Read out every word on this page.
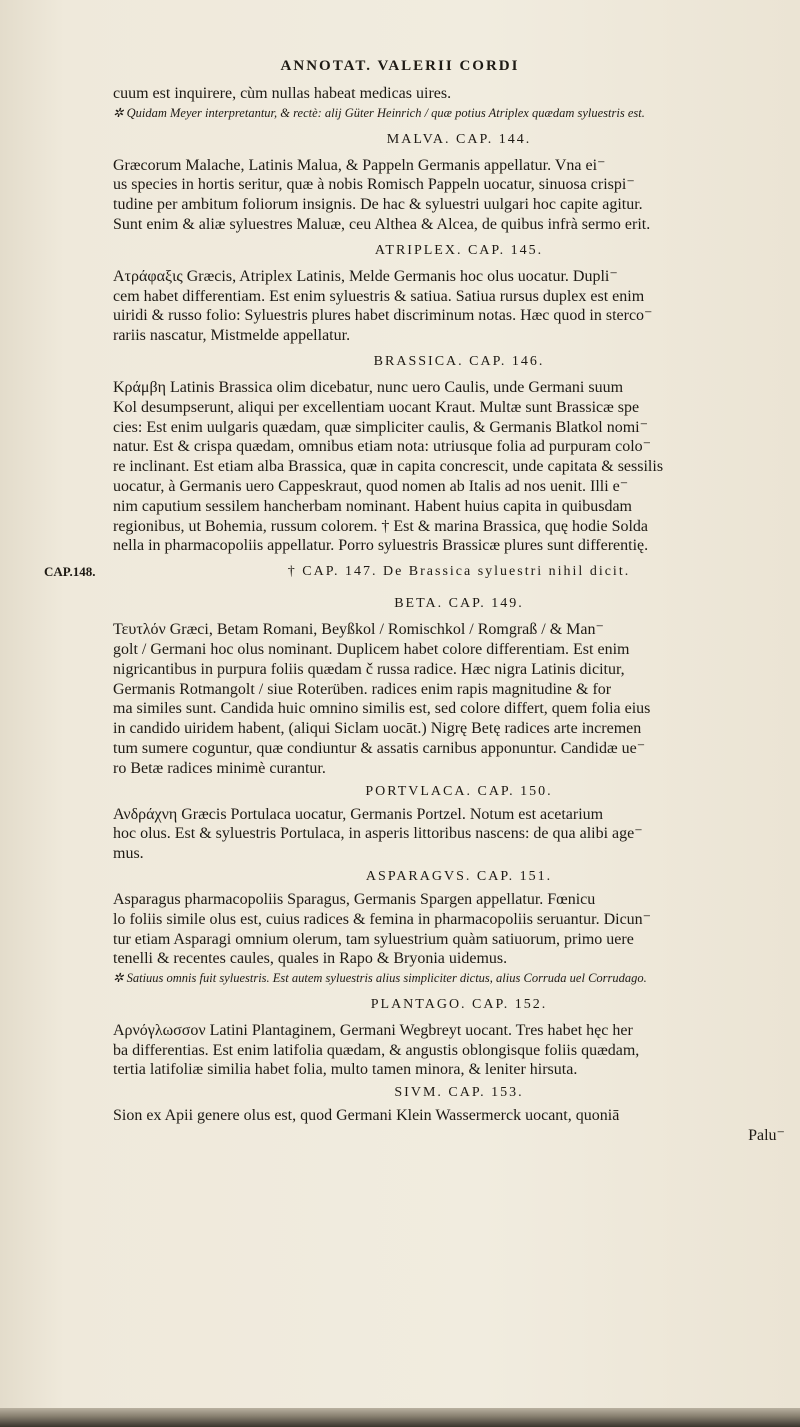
ANNOTAT. VALERII CORDI
CAP.148.
cuum est inquirere, cùm nullas habeat medicas uires.
✲ Quidam Meyer interpretantur, & rectè: alij Güter Heinrich / quæ potius Atriplex quædam syluestris est.
MALVA. CAP. 144.
Græcorum Malache, Latinis Malua, & Pappeln Germanis appellatur. Vna ei⁻
us species in hortis seritur, quæ à nobis Romisch Pappeln uocatur, sinuosa crispi⁻
tudine per ambitum foliorum insignis. De hac & syluestri uulgari hoc capite agitur.
Sunt enim & aliæ syluestres Maluæ, ceu Althea & Alcea, de quibus infrà sermo erit.
ATRIPLEX. CAP. 145.
Ατράφαξις Græcis, Atriplex Latinis, Melde Germanis hoc olus uocatur. Dupli⁻
cem habet differentiam. Est enim syluestris & satiua. Satiua rursus duplex est enim
uiridi & russo folio: Syluestris plures habet discriminum notas. Hæc quod in sterco⁻
rariis nascatur, Mistmelde appellatur.
BRASSICA. CAP. 146.
Κράμβη Latinis Brassica olim dicebatur, nunc uero Caulis, unde Germani suum
Kol desumpserunt, aliqui per excellentiam uocant Kraut. Multæ sunt Brassicæ spe
cies: Est enim uulgaris quædam, quæ simpliciter caulis, & Germanis Blatkol nomi⁻
natur. Est & crispa quædam, omnibus etiam nota: utriusque folia ad purpuram colo⁻
re inclinant. Est etiam alba Brassica, quæ in capita concrescit, unde capitata & sessilis
uocatur, à Germanis uero Cappeskraut, quod nomen ab Italis ad nos uenit. Illi e⁻
nim caputium sessilem hancherbam nominant. Habent huius capita in quibusdam
regionibus, ut Bohemia, russum colorem. † Est & marina Brassica, quę hodie Solda
nella in pharmacopoliis appellatur. Porro syluestris Brassicæ plures sunt differentię.
† CAP. 147. De Brassica syluestri nihil dicit.
BETA. CAP. 149.
Τευτλόν Græci, Betam Romani, Beyßkol / Romischkol / Romgraß / & Man⁻
golt / Germani hoc olus nominant. Duplicem habet colore differentiam. Est enim
nigricantibus in purpura foliis quædam č russa radice. Hæc nigra Latinis dicitur,
Germanis Rotmangolt / siue Roterüben. radices enim rapis magnitudine & for
ma similes sunt. Candida huic omnino similis est, sed colore differt, quem folia eius
in candido uiridem habent, (aliqui Siclam uocāt.) Nigrę Betę radices arte incremen
tum sumere coguntur, quæ condiuntur & assatis carnibus apponuntur. Candidæ ue⁻
ro Betæ radices minimè curantur.
PORTVLACA. CAP. 150.
Ανδράχνη Græcis Portulaca uocatur, Germanis Portzel. Notum est acetarium
hoc olus. Est & syluestris Portulaca, in asperis littoribus nascens: de qua alibi age⁻
mus.
ASPARAGVS. CAP. 151.
Asparagus pharmacopoliis Sparagus, Germanis Spargen appellatur. Fœnicu
lo foliis simile olus est, cuius radices & femina in pharmacopoliis seruantur. Dicun⁻
tur etiam Asparagi omnium olerum, tam syluestrium quàm satiuorum, primo uere
tenelli & recentes caules, quales in Rapo & Bryonia uidemus.
✲ Satiuus omnis fuit syluestris. Est autem syluestris alius simpliciter dictus, alius Corruda uel Corrudago.
PLANTAGO. CAP. 152.
Αρνόγλωσσον Latini Plantaginem, Germani Wegbreyt uocant. Tres habet hęc her
ba differentias. Est enim latifolia quædam, & angustis oblongisque foliis quædam,
tertia latifoliæ similia habet folia, multo tamen minora, & leniter hirsuta.
SIVM. CAP. 153.
Sion ex Apii genere olus est, quod Germani Klein Wassermerck uocant, quoniā
Palu⁻
